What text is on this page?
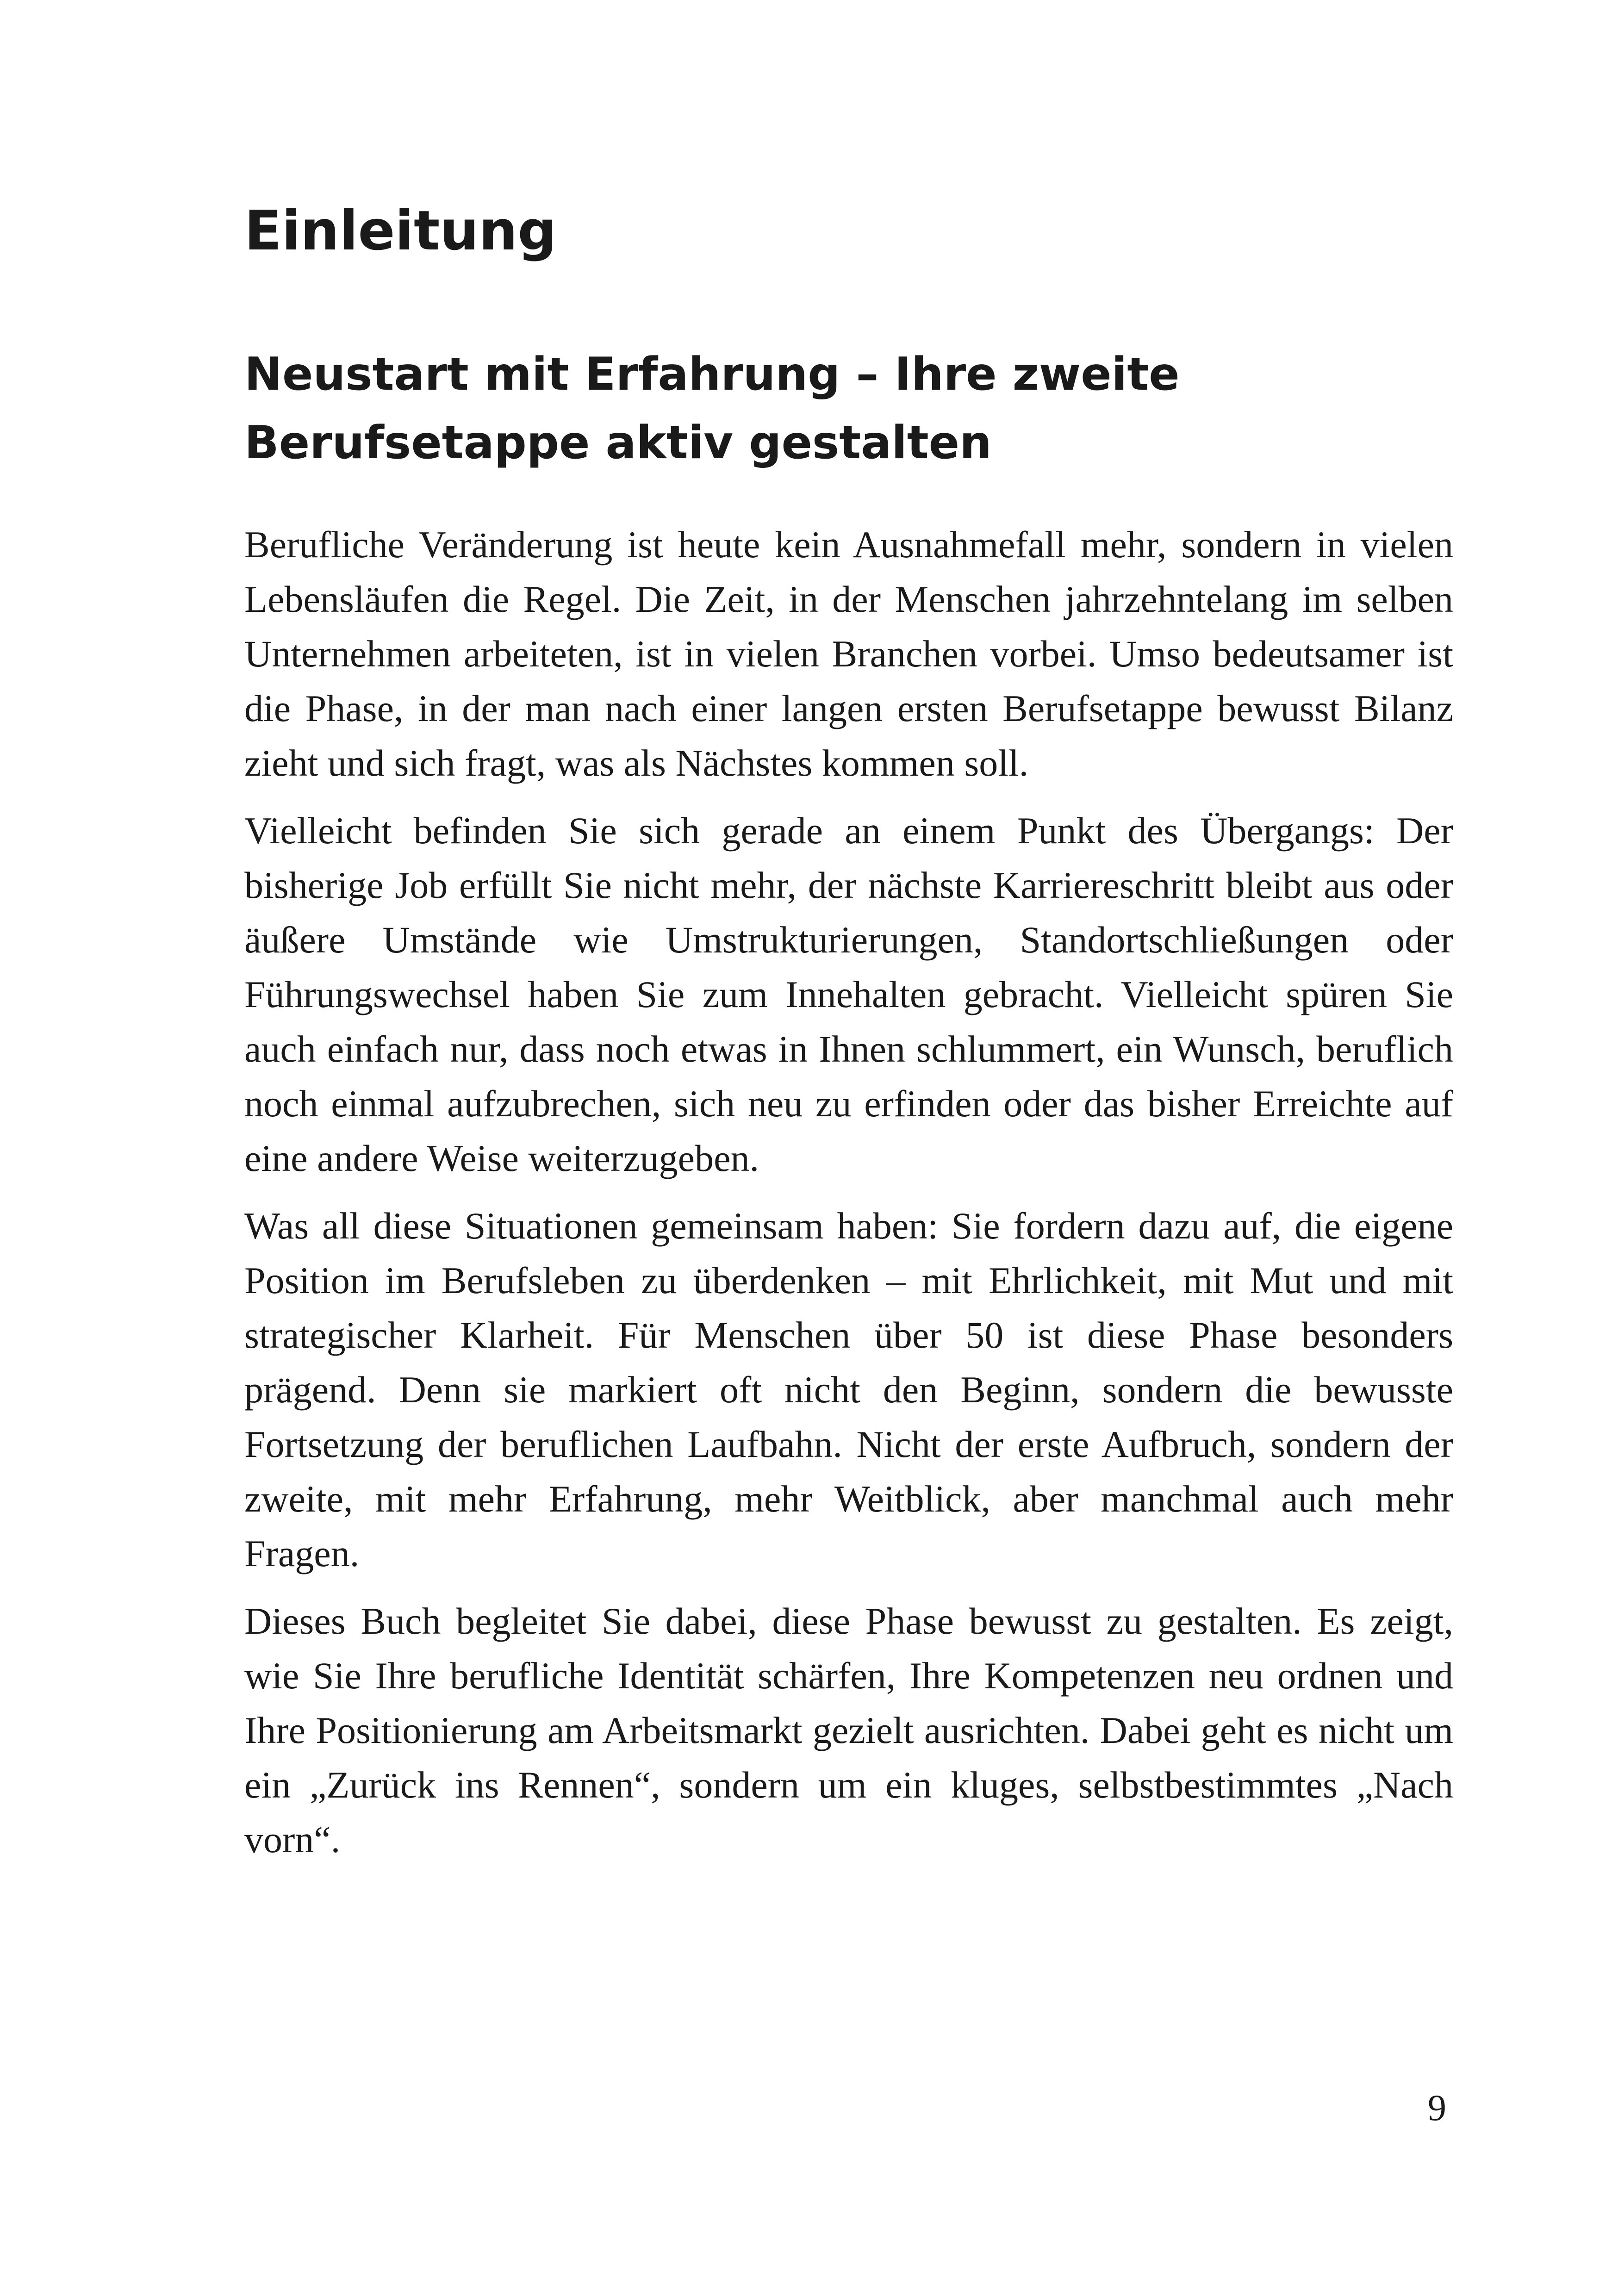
Einleitung
Neustart mit Erfahrung – Ihre zweite
Berufsetappe aktiv gestalten

Berufliche Veränderung ist heute kein Ausnahmefall mehr, sondern in vielen Lebensläufen die Regel. Die Zeit, in der Menschen jahrzehntelang im selben Unternehmen arbeiteten, ist in vielen Branchen vorbei. Umso bedeutsamer ist die Phase, in der man nach einer langen ersten Berufsetappe bewusst Bilanz zieht und sich fragt, was als Nächstes kommen soll.

Vielleicht befinden Sie sich gerade an einem Punkt des Übergangs: Der bisherige Job erfüllt Sie nicht mehr, der nächste Karriereschritt bleibt aus oder äußere Umstände wie Umstrukturierungen, Standortschließungen oder Führungswechsel haben Sie zum Innehalten gebracht. Vielleicht spüren Sie auch einfach nur, dass noch etwas in Ihnen schlummert, ein Wunsch, beruflich noch einmal aufzubrechen, sich neu zu erfinden oder das bisher Erreichte auf eine andere Weise weiterzugeben.

Was all diese Situationen gemeinsam haben: Sie fordern dazu auf, die eigene Position im Berufsleben zu überdenken – mit Ehrlichkeit, mit Mut und mit strategischer Klarheit. Für Menschen über 50 ist diese Phase besonders prägend. Denn sie markiert oft nicht den Beginn, sondern die bewusste Fortsetzung der beruflichen Laufbahn. Nicht der erste Aufbruch, sondern der zweite, mit mehr Erfahrung, mehr Weitblick, aber manchmal auch mehr Fragen.

Dieses Buch begleitet Sie dabei, diese Phase bewusst zu gestalten. Es zeigt, wie Sie Ihre berufliche Identität schärfen, Ihre Kompetenzen neu ordnen und Ihre Positionierung am Arbeitsmarkt gezielt ausrichten. Dabei geht es nicht um ein „Zurück ins Rennen“, sondern um ein kluges, selbstbestimmtes „Nach vorn“.

9
